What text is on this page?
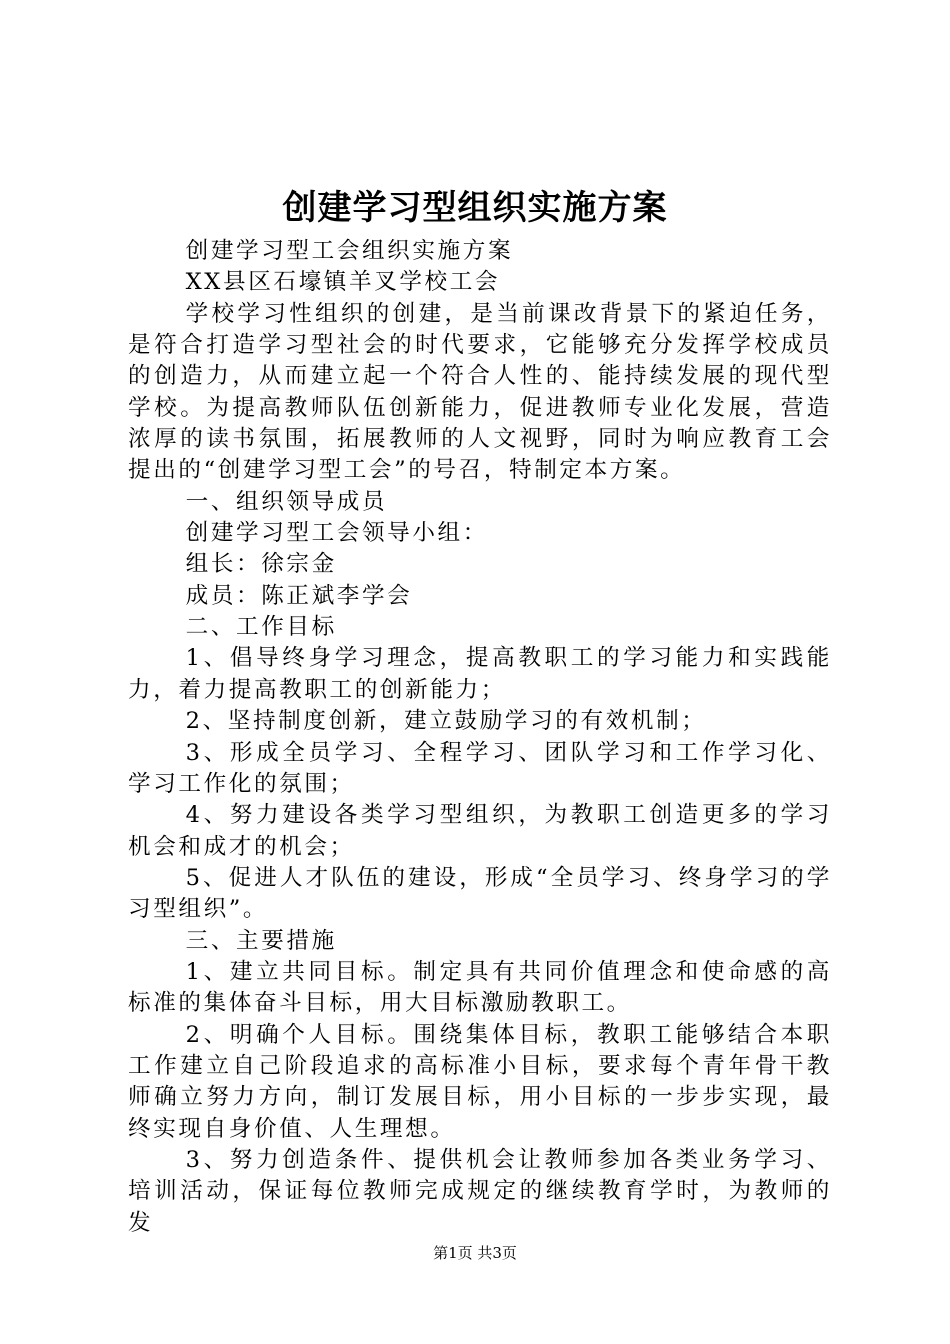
创建学习型组织实施方案

创建学习型工会组织实施方案

XX县区石壕镇羊叉学校工会

学校学习性组织的创建，是当前课改背景下的紧迫任务，是符合打造学习型社会的时代要求，它能够充分发挥学校成员的创造力，从而建立起一个符合人性的、能持续发展的现代型学校。为提高教师队伍创新能力，促进教师专业化发展，营造浓厚的读书氛围，拓展教师的人文视野，同时为响应教育工会提出的“创建学习型工会”的号召，特制定本方案。

一、组织领导成员

创建学习型工会领导小组：

组长：徐宗金

成员：陈正斌李学会

二、工作目标

1、倡导终身学习理念，提高教职工的学习能力和实践能力，着力提高教职工的创新能力；

2、坚持制度创新，建立鼓励学习的有效机制；

3、形成全员学习、全程学习、团队学习和工作学习化、学习工作化的氛围；

4、努力建设各类学习型组织，为教职工创造更多的学习机会和成才的机会；

5、促进人才队伍的建设，形成“全员学习、终身学习的学习型组织”。

三、主要措施

1、建立共同目标。制定具有共同价值理念和使命感的高标准的集体奋斗目标，用大目标激励教职工。

2、明确个人目标。围绕集体目标，教职工能够结合本职工作建立自己阶段追求的高标准小目标，要求每个青年骨干教师确立努力方向，制订发展目标，用小目标的一步步实现，最终实现自身价值、人生理想。

3、努力创造条件、提供机会让教师参加各类业务学习、培训活动，保证每位教师完成规定的继续教育学时，为教师的发

第1页 共3页
